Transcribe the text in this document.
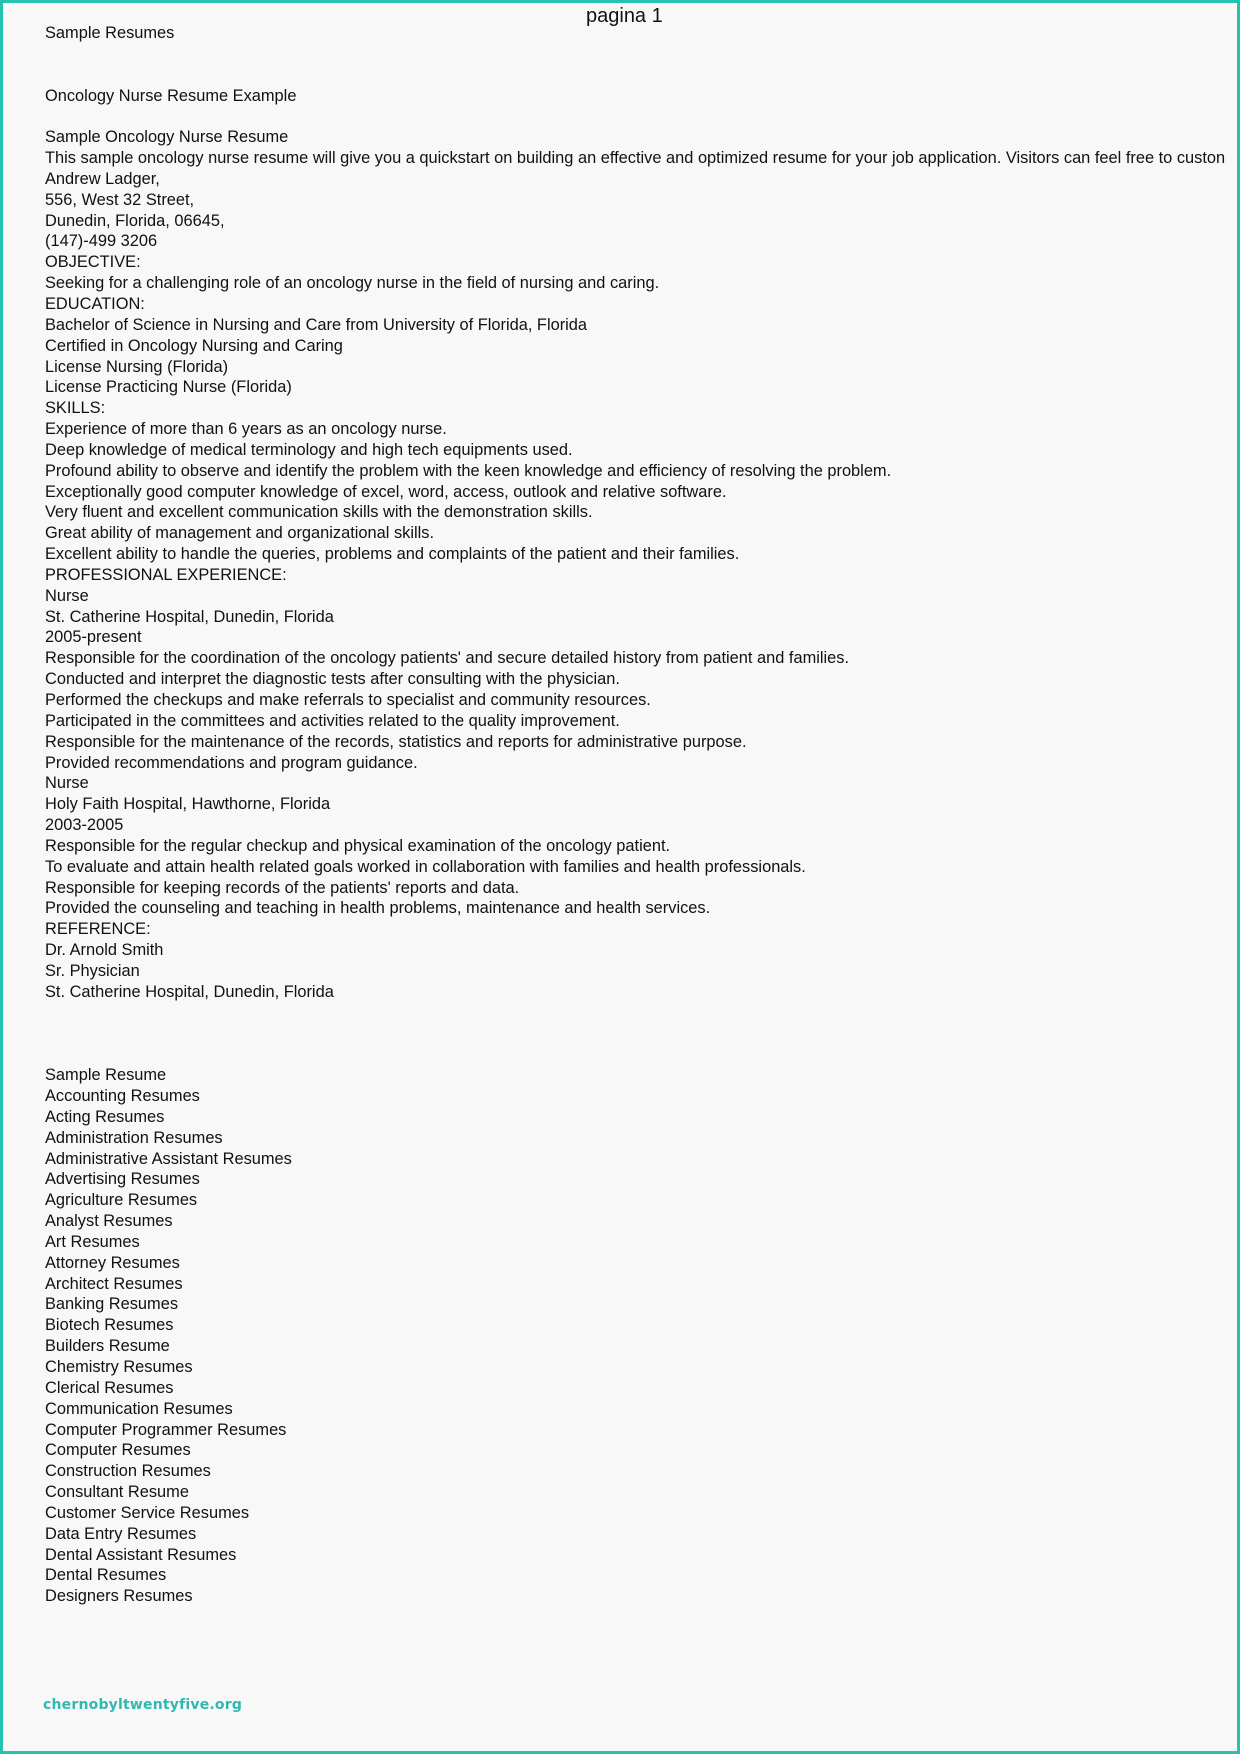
pagina 1
Sample Resumes
Oncology Nurse Resume Example
Sample Oncology Nurse Resume
This sample oncology nurse resume will give you a quickstart on building an effective and optimized resume for your job application. Visitors can feel free to custon
Andrew Ladger,
556, West 32 Street,
Dunedin, Florida, 06645,
(147)-499 3206
OBJECTIVE:
Seeking for a challenging role of an oncology nurse in the field of nursing and caring.
EDUCATION:
Bachelor of Science in Nursing and Care from University of Florida, Florida
Certified in Oncology Nursing and Caring
License Nursing (Florida)
License Practicing Nurse (Florida)
SKILLS:
Experience of more than 6 years as an oncology nurse.
Deep knowledge of medical terminology and high tech equipments used.
Profound ability to observe and identify the problem with the keen knowledge and efficiency of resolving the problem.
Exceptionally good computer knowledge of excel, word, access, outlook and relative software.
Very fluent and excellent communication skills with the demonstration skills.
Great ability of management and organizational skills.
Excellent ability to handle the queries, problems and complaints of the patient and their families.
PROFESSIONAL EXPERIENCE:
Nurse
St. Catherine Hospital, Dunedin, Florida
2005-present
Responsible for the coordination of the oncology patients' and secure detailed history from patient and families.
Conducted and interpret the diagnostic tests after consulting with the physician.
Performed the checkups and make referrals to specialist and community resources.
Participated in the committees and activities related to the quality improvement.
Responsible for the maintenance of the records, statistics and reports for administrative purpose.
Provided recommendations and program guidance.
Nurse
Holy Faith Hospital, Hawthorne, Florida
2003-2005
Responsible for the regular checkup and physical examination of the oncology patient.
To evaluate and attain health related goals worked in collaboration with families and health professionals.
Responsible for keeping records of the patients' reports and data.
Provided the counseling and teaching in health problems, maintenance and health services.
REFERENCE:
Dr. Arnold Smith
Sr. Physician
St. Catherine Hospital, Dunedin, Florida
Sample Resume
Accounting Resumes
Acting Resumes
Administration Resumes
Administrative Assistant Resumes
Advertising Resumes
Agriculture Resumes
Analyst Resumes
Art Resumes
Attorney Resumes
Architect Resumes
Banking Resumes
Biotech Resumes
Builders Resume
Chemistry Resumes
Clerical Resumes
Communication Resumes
Computer Programmer Resumes
Computer Resumes
Construction Resumes
Consultant Resume
Customer Service Resumes
Data Entry Resumes
Dental Assistant Resumes
Dental Resumes
Designers Resumes
chernobyltwentyfive.org
